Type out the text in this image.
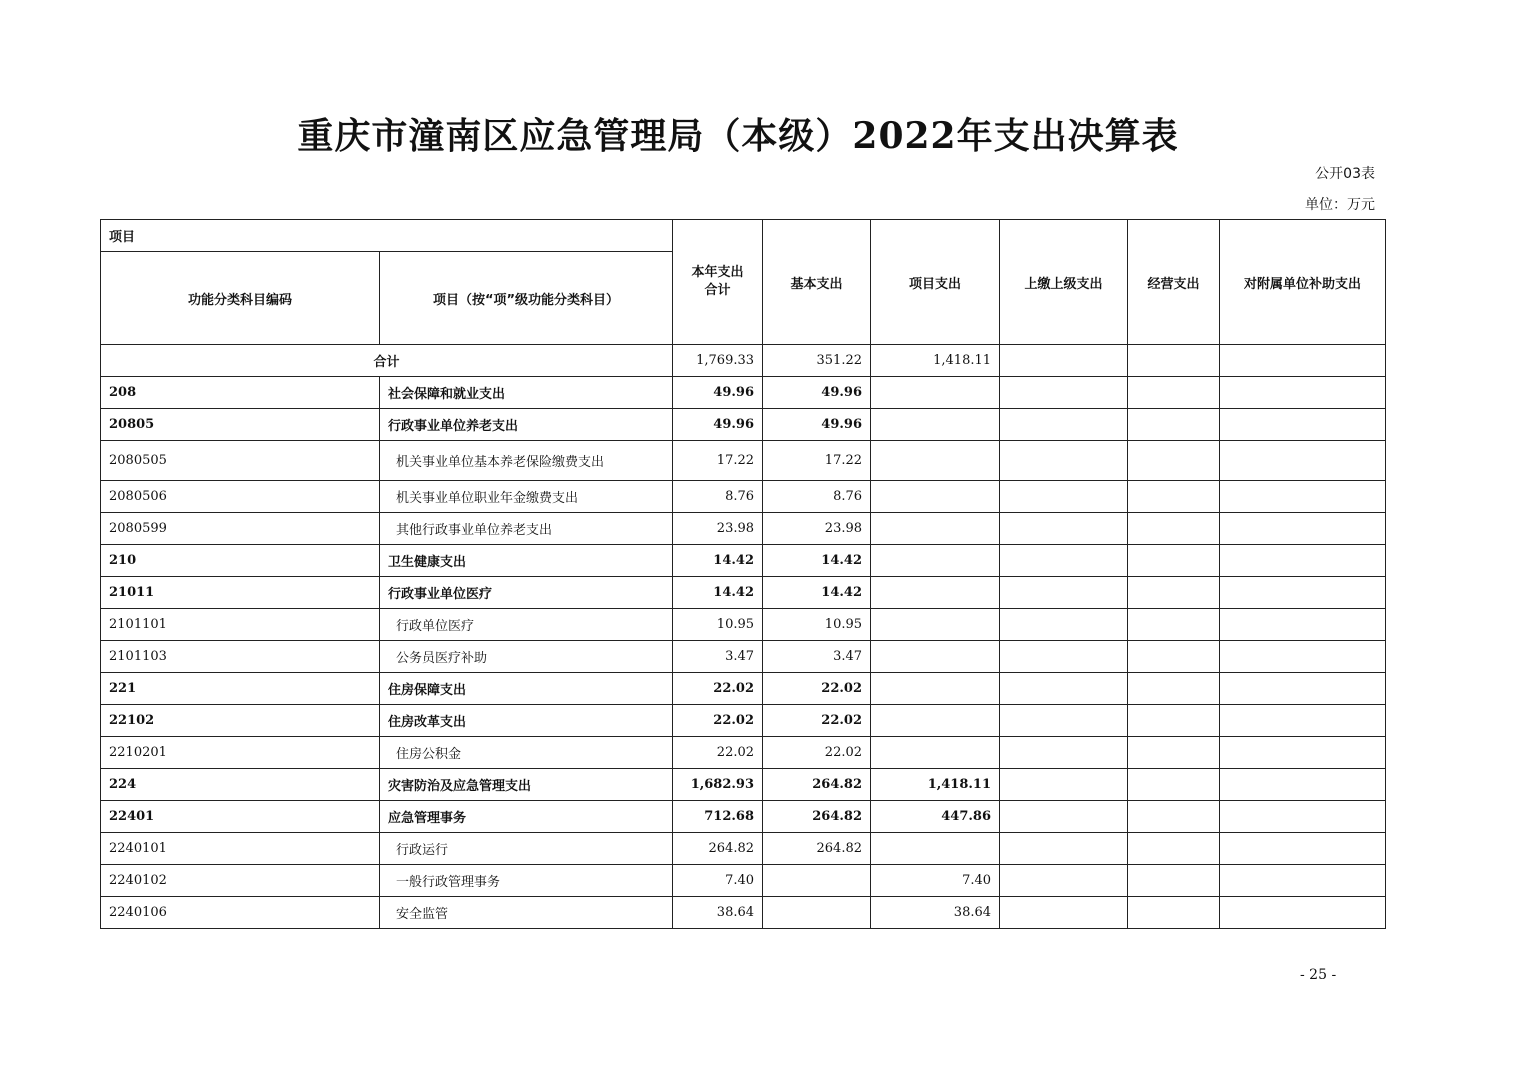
重庆市潼南区应急管理局（本级）2022年支出决算表
公开03表
单位：万元
项目		本年支出合计	基本支出	项目支出	上缴上级支出	经营支出	对附属单位补助支出
功能分类科目编码	项目（按“项”级功能分类科目）						
合计		1,769.33	351.22	1,418.11			
208	社会保障和就业支出	49.96	49.96				
20805	行政事业单位养老支出	49.96	49.96				
2080505	机关事业单位基本养老保险缴费支出	17.22	17.22				
2080506	机关事业单位职业年金缴费支出	8.76	8.76				
2080599	其他行政事业单位养老支出	23.98	23.98				
210	卫生健康支出	14.42	14.42				
21011	行政事业单位医疗	14.42	14.42				
2101101	行政单位医疗	10.95	10.95				
2101103	公务员医疗补助	3.47	3.47				
221	住房保障支出	22.02	22.02				
22102	住房改革支出	22.02	22.02				
2210201	住房公积金	22.02	22.02				
224	灾害防治及应急管理支出	1,682.93	264.82	1,418.11			
22401	应急管理事务	712.68	264.82	447.86			
2240101	行政运行	264.82	264.82				
2240102	一般行政管理事务	7.40		7.40			
2240106	安全监管	38.64		38.64			
- 25 -
